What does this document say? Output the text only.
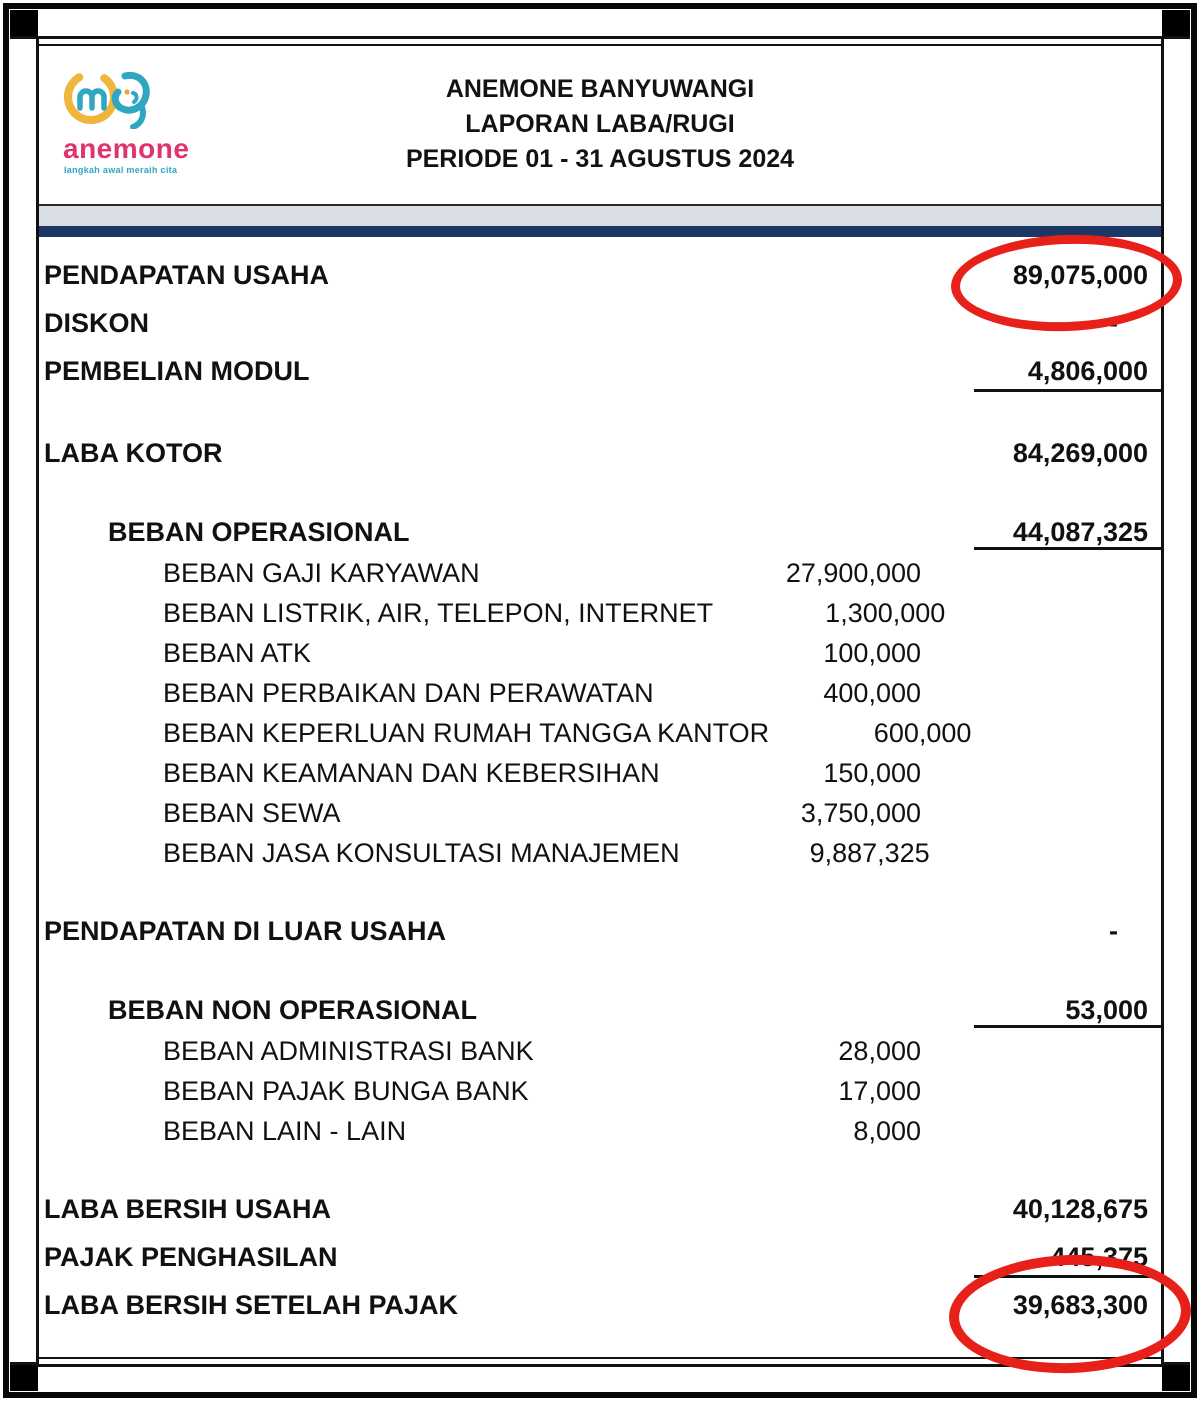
anemone
langkah awal meraih cita
ANEMONE BANYUWANGI
LAPORAN LABA/RUGI
PERIODE 01 - 31 AGUSTUS 2024
PENDAPATAN USAHA	89,075,000
DISKON	-
PEMBELIAN MODUL	4,806,000
LABA KOTOR	84,269,000
BEBAN OPERASIONAL	44,087,325
BEBAN GAJI KARYAWAN	27,900,000
BEBAN LISTRIK, AIR, TELEPON, INTERNET	1,300,000
BEBAN ATK	100,000
BEBAN PERBAIKAN DAN PERAWATAN	400,000
BEBAN KEPERLUAN RUMAH TANGGA KANTOR	600,000
BEBAN KEAMANAN DAN KEBERSIHAN	150,000
BEBAN SEWA	3,750,000
BEBAN JASA KONSULTASI MANAJEMEN	9,887,325
PENDAPATAN DI LUAR USAHA	-
BEBAN NON OPERASIONAL	53,000
BEBAN ADMINISTRASI BANK	28,000
BEBAN PAJAK BUNGA BANK	17,000
BEBAN LAIN - LAIN	8,000
LABA BERSIH USAHA	40,128,675
PAJAK PENGHASILAN	445,375
LABA BERSIH SETELAH PAJAK	39,683,300
